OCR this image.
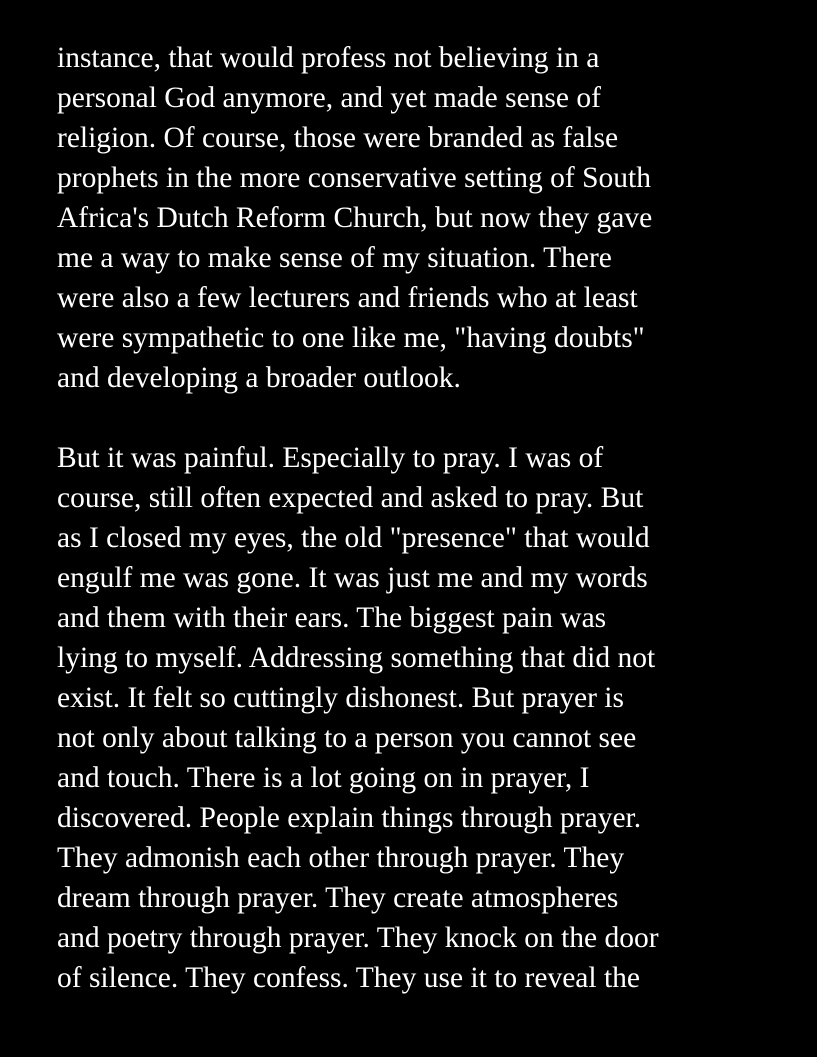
instance, that would profess not believing in a
personal God anymore, and yet made sense of
religion. Of course, those were branded as false
prophets in the more conservative setting of South
Africa's Dutch Reform Church, but now they gave
me a way to make sense of my situation. There
were also a few lecturers and friends who at least
were sympathetic to one like me, "having doubts"
and developing a broader outlook.
But it was painful. Especially to pray. I was of
course, still often expected and asked to pray. But
as I closed my eyes, the old "presence" that would
engulf me was gone. It was just me and my words
and them with their ears. The biggest pain was
lying to myself. Addressing something that did not
exist. It felt so cuttingly dishonest. But prayer is
not only about talking to a person you cannot see
and touch. There is a lot going on in prayer, I
discovered. People explain things through prayer.
They admonish each other through prayer. They
dream through prayer. They create atmospheres
and poetry through prayer. They knock on the door
of silence. They confess. They use it to reveal the
